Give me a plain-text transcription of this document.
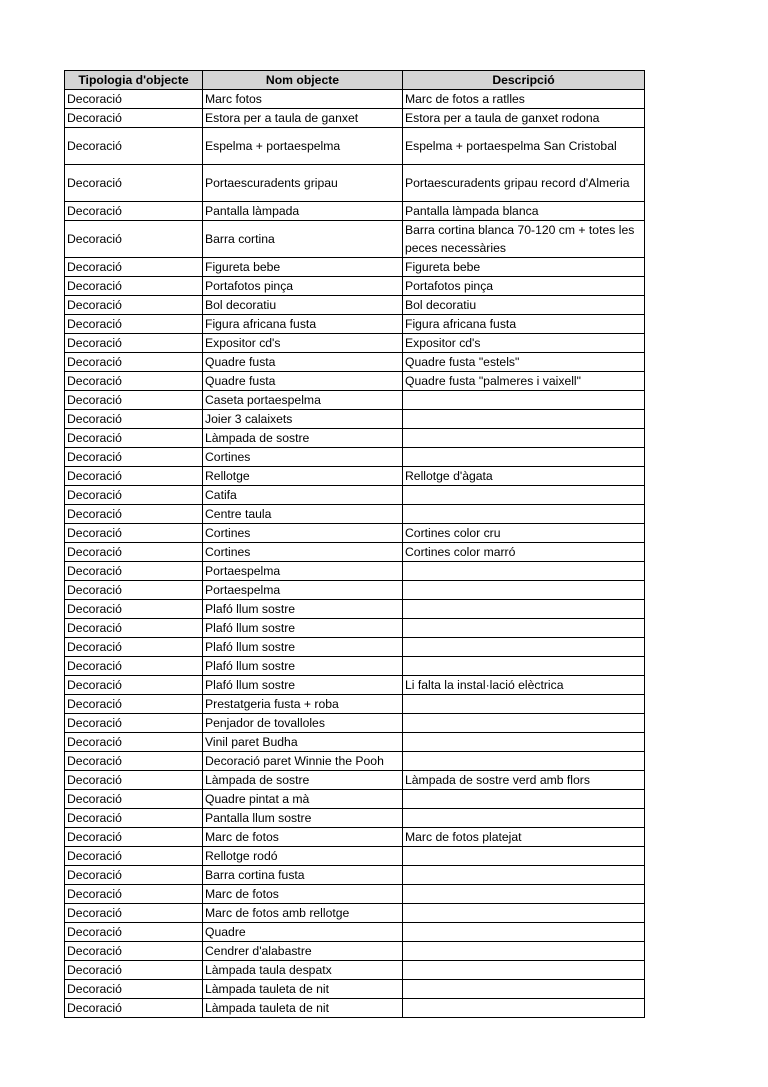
Tipologia d'objecte	Nom objecte	Descripció
Decoració	Marc fotos	Marc de fotos a ratlles
Decoració	Estora per a taula de ganxet	Estora per a taula de ganxet rodona
Decoració	Espelma + portaespelma	Espelma + portaespelma San Cristobal
Decoració	Portaescuradents gripau	Portaescuradents gripau record d'Almeria
Decoració	Pantalla làmpada	Pantalla làmpada blanca
Decoració	Barra cortina	Barra cortina blanca 70-120 cm + totes les peces necessàries
Decoració	Figureta bebe	Figureta bebe
Decoració	Portafotos pinça	Portafotos pinça
Decoració	Bol decoratiu	Bol decoratiu
Decoració	Figura africana fusta	Figura africana fusta
Decoració	Expositor cd's	Expositor cd's
Decoració	Quadre fusta	Quadre fusta "estels"
Decoració	Quadre fusta	Quadre fusta "palmeres i vaixell"
Decoració	Caseta portaespelma	
Decoració	Joier 3 calaixets	
Decoració	Làmpada de sostre	
Decoració	Cortines	
Decoració	Rellotge	Rellotge d'àgata
Decoració	Catifa	
Decoració	Centre taula	
Decoració	Cortines	Cortines color cru
Decoració	Cortines	Cortines color marró
Decoració	Portaespelma	
Decoració	Portaespelma	
Decoració	Plafó llum sostre	
Decoració	Plafó llum sostre	
Decoració	Plafó llum sostre	
Decoració	Plafó llum sostre	
Decoració	Plafó llum sostre	Li falta la instal·lació elèctrica
Decoració	Prestatgeria fusta + roba	
Decoració	Penjador de tovalloles	
Decoració	Vinil paret Budha	
Decoració	Decoració paret Winnie the Pooh	
Decoració	Làmpada de sostre	Làmpada de sostre verd amb flors
Decoració	Quadre pintat a mà	
Decoració	Pantalla llum sostre	
Decoració	Marc de fotos	Marc de fotos platejat
Decoració	Rellotge rodó	
Decoració	Barra cortina fusta	
Decoració	Marc de fotos	
Decoració	Marc de fotos amb rellotge	
Decoració	Quadre	
Decoració	Cendrer d'alabastre	
Decoració	Làmpada taula despatx	
Decoració	Làmpada tauleta de nit	
Decoració	Làmpada tauleta de nit	
